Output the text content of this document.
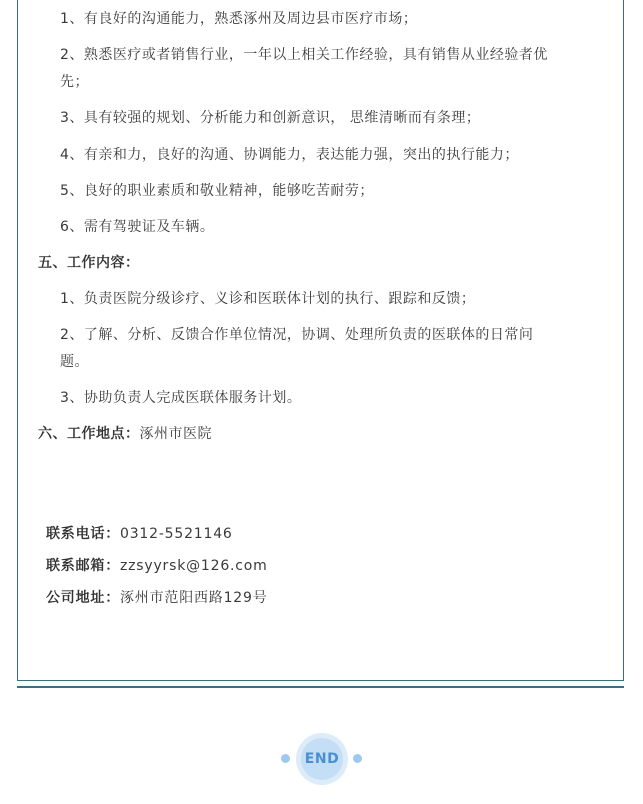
1、有良好的沟通能力，熟悉涿州及周边县市医疗市场；
2、熟悉医疗或者销售行业，一年以上相关工作经验，具有销售从业经验者优
先；
3、具有较强的规划、分析能力和创新意识， 思维清晰而有条理；
4、有亲和力，良好的沟通、协调能力，表达能力强，突出的执行能力；
5、良好的职业素质和敬业精神，能够吃苦耐劳；
6、需有驾驶证及车辆。
五、工作内容：
1、负责医院分级诊疗、义诊和医联体计划的执行、跟踪和反馈；
2、了解、分析、反馈合作单位情况，协调、处理所负责的医联体的日常问
题。
3、协助负责人完成医联体服务计划。
六、工作地点：涿州市医院
联系电话：0312-5521146
联系邮箱：zzsyyrsk@126.com
公司地址：涿州市范阳西路129号
END
